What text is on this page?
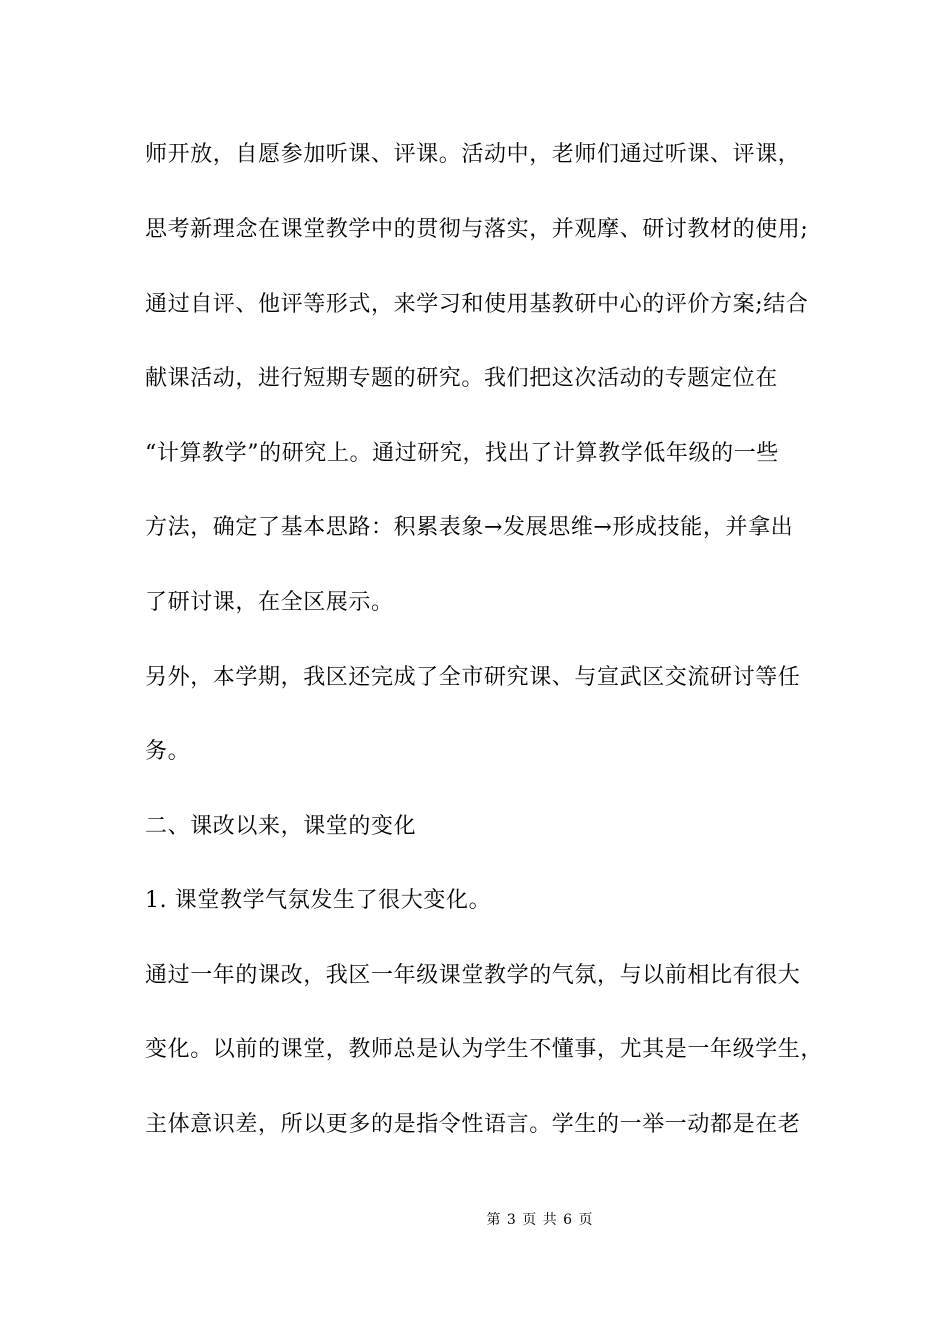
师开放，自愿参加听课、评课。活动中，老师们通过听课、评课，
思考新理念在课堂教学中的贯彻与落实，并观摩、研讨教材的使用;
通过自评、他评等形式，来学习和使用基教研中心的评价方案;结合
献课活动，进行短期专题的研究。我们把这次活动的专题定位在
“计算教学”的研究上。通过研究，找出了计算教学低年级的一些
方法，确定了基本思路：积累表象→发展思维→形成技能，并拿出
了研讨课，在全区展示。
另外，本学期，我区还完成了全市研究课、与宣武区交流研讨等任
务。
二、课改以来，课堂的变化
1. 课堂教学气氛发生了很大变化。
通过一年的课改，我区一年级课堂教学的气氛，与以前相比有很大
变化。以前的课堂，教师总是认为学生不懂事，尤其是一年级学生，
主体意识差，所以更多的是指令性语言。学生的一举一动都是在老
第 3 页 共 6 页
